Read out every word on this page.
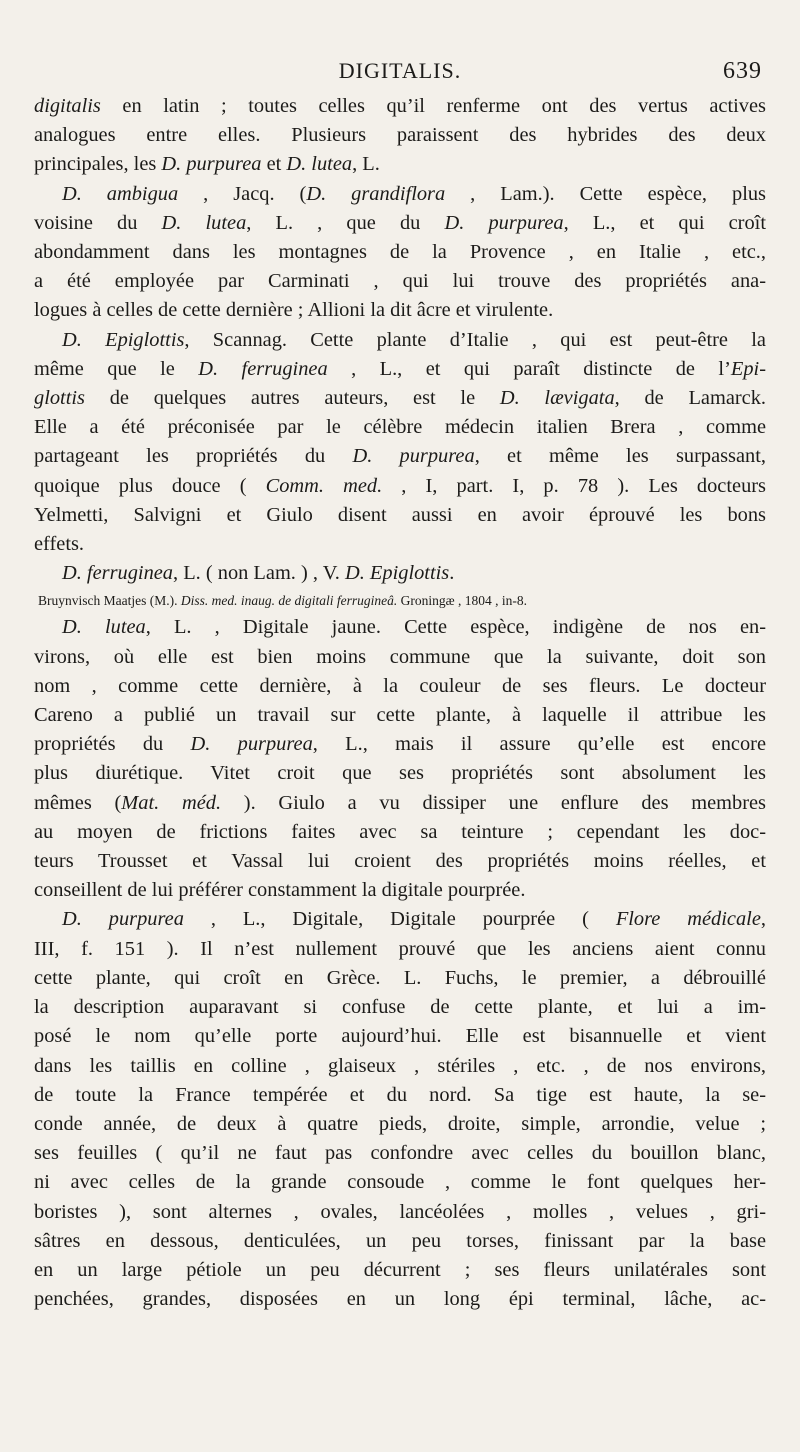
DIGITALIS.	639
digitalis en latin ; toutes celles qu’il renferme ont des vertus actives
analogues entre elles. Plusieurs paraissent des hybrides des deux
principales, les D. purpurea et D. lutea, L.
D. ambigua , Jacq. (D. grandiflora , Lam.). Cette espèce, plus
voisine du D. lutea, L. , que du D. purpurea, L., et qui croît
abondamment dans les montagnes de la Provence , en Italie , etc.,
a été employée par Carminati , qui lui trouve des propriétés ana-
logues à celles de cette dernière ; Allioni la dit âcre et virulente.
D. Epiglottis, Scannag. Cette plante d’Italie , qui est peut-être la
même que le D. ferruginea , L., et qui paraît distincte de l’Epi-
glottis de quelques autres auteurs, est le D. lævigata, de Lamarck.
Elle a été préconisée par le célèbre médecin italien Brera , comme
partageant les propriétés du D. purpurea, et même les surpassant,
quoique plus douce ( Comm. med. , I, part. I, p. 78 ). Les docteurs
Yelmetti, Salvigni et Giulo disent aussi en avoir éprouvé les bons
effets.
D. ferruginea, L. ( non Lam. ) , V. D. Epiglottis.
Bruynvisch Maatjes (M.). Diss. med. inaug. de digitali ferrugineâ. Groningæ , 1804 , in-8.
D. lutea, L. , Digitale jaune. Cette espèce, indigène de nos en-
virons, où elle est bien moins commune que la suivante, doit son
nom , comme cette dernière, à la couleur de ses fleurs. Le docteur
Careno a publié un travail sur cette plante, à laquelle il attribue les
propriétés du D. purpurea, L., mais il assure qu’elle est encore
plus diurétique. Vitet croit que ses propriétés sont absolument les
mêmes (Mat. méd. ). Giulo a vu dissiper une enflure des membres
au moyen de frictions faites avec sa teinture ; cependant les doc-
teurs Trousset et Vassal lui croient des propriétés moins réelles, et
conseillent de lui préférer constamment la digitale pourprée.
D. purpurea , L., Digitale, Digitale pourprée ( Flore médicale,
III, f. 151 ). Il n’est nullement prouvé que les anciens aient connu
cette plante, qui croît en Grèce. L. Fuchs, le premier, a débrouillé
la description auparavant si confuse de cette plante, et lui a im-
posé le nom qu’elle porte aujourd’hui. Elle est bisannuelle et vient
dans les taillis en colline , glaiseux , stériles , etc. , de nos environs,
de toute la France tempérée et du nord. Sa tige est haute, la se-
conde année, de deux à quatre pieds, droite, simple, arrondie, velue ;
ses feuilles ( qu’il ne faut pas confondre avec celles du bouillon blanc,
ni avec celles de la grande consoude , comme le font quelques her-
boristes ), sont alternes , ovales, lancéolées , molles , velues , gri-
sâtres en dessous, denticulées, un peu torses, finissant par la base
en un large pétiole un peu décurrent ; ses fleurs unilatérales sont
penchées, grandes, disposées en un long épi terminal, lâche, ac-
